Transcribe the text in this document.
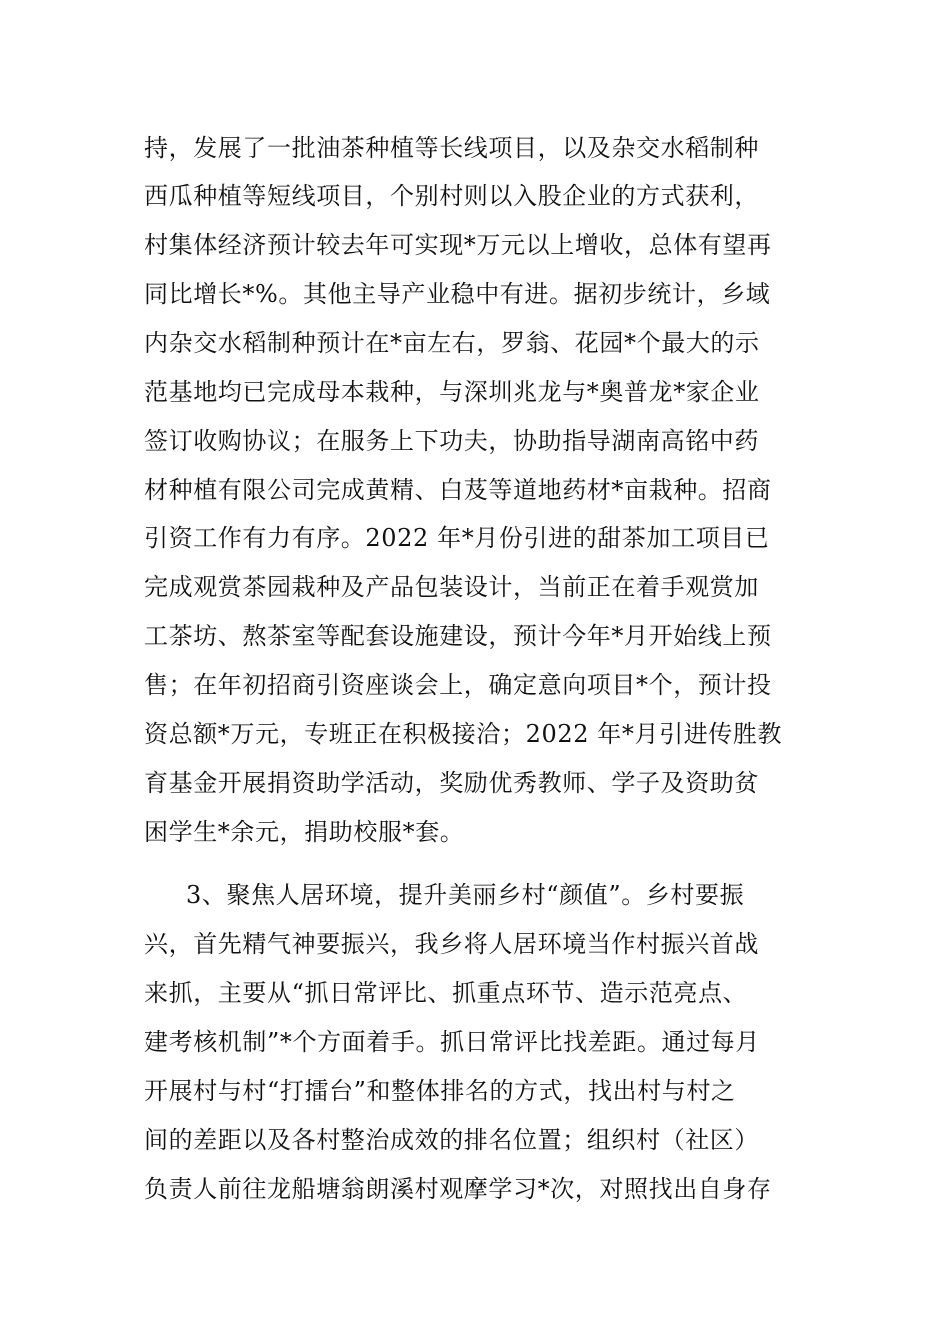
持，发展了一批油茶种植等长线项目，以及杂交水稻制种
西瓜种植等短线项目，个别村则以入股企业的方式获利，
村集体经济预计较去年可实现*万元以上增收，总体有望再
同比增长*%。其他主导产业稳中有进。据初步统计，乡域
内杂交水稻制种预计在*亩左右，罗翁、花园*个最大的示
范基地均已完成母本栽种，与深圳兆龙与*奥普龙*家企业
签订收购协议；在服务上下功夫，协助指导湖南高铭中药
材种植有限公司完成黄精、白芨等道地药材*亩栽种。招商
引资工作有力有序。2022 年*月份引进的甜茶加工项目已
完成观赏茶园栽种及产品包装设计，当前正在着手观赏加
工茶坊、熬茶室等配套设施建设，预计今年*月开始线上预
售；在年初招商引资座谈会上，确定意向项目*个，预计投
资总额*万元，专班正在积极接洽；2022 年*月引进传胜教
育基金开展捐资助学活动，奖励优秀教师、学子及资助贫
困学生*余元，捐助校服*套。
3、聚焦人居环境，提升美丽乡村“颜值”。乡村要振
兴，首先精气神要振兴，我乡将人居环境当作村振兴首战
来抓，主要从“抓日常评比、抓重点环节、造示范亮点、
建考核机制”*个方面着手。抓日常评比找差距。通过每月
开展村与村“打擂台”和整体排名的方式，找出村与村之
间的差距以及各村整治成效的排名位置；组织村（社区）
负责人前往龙船塘翁朗溪村观摩学习*次，对照找出自身存
